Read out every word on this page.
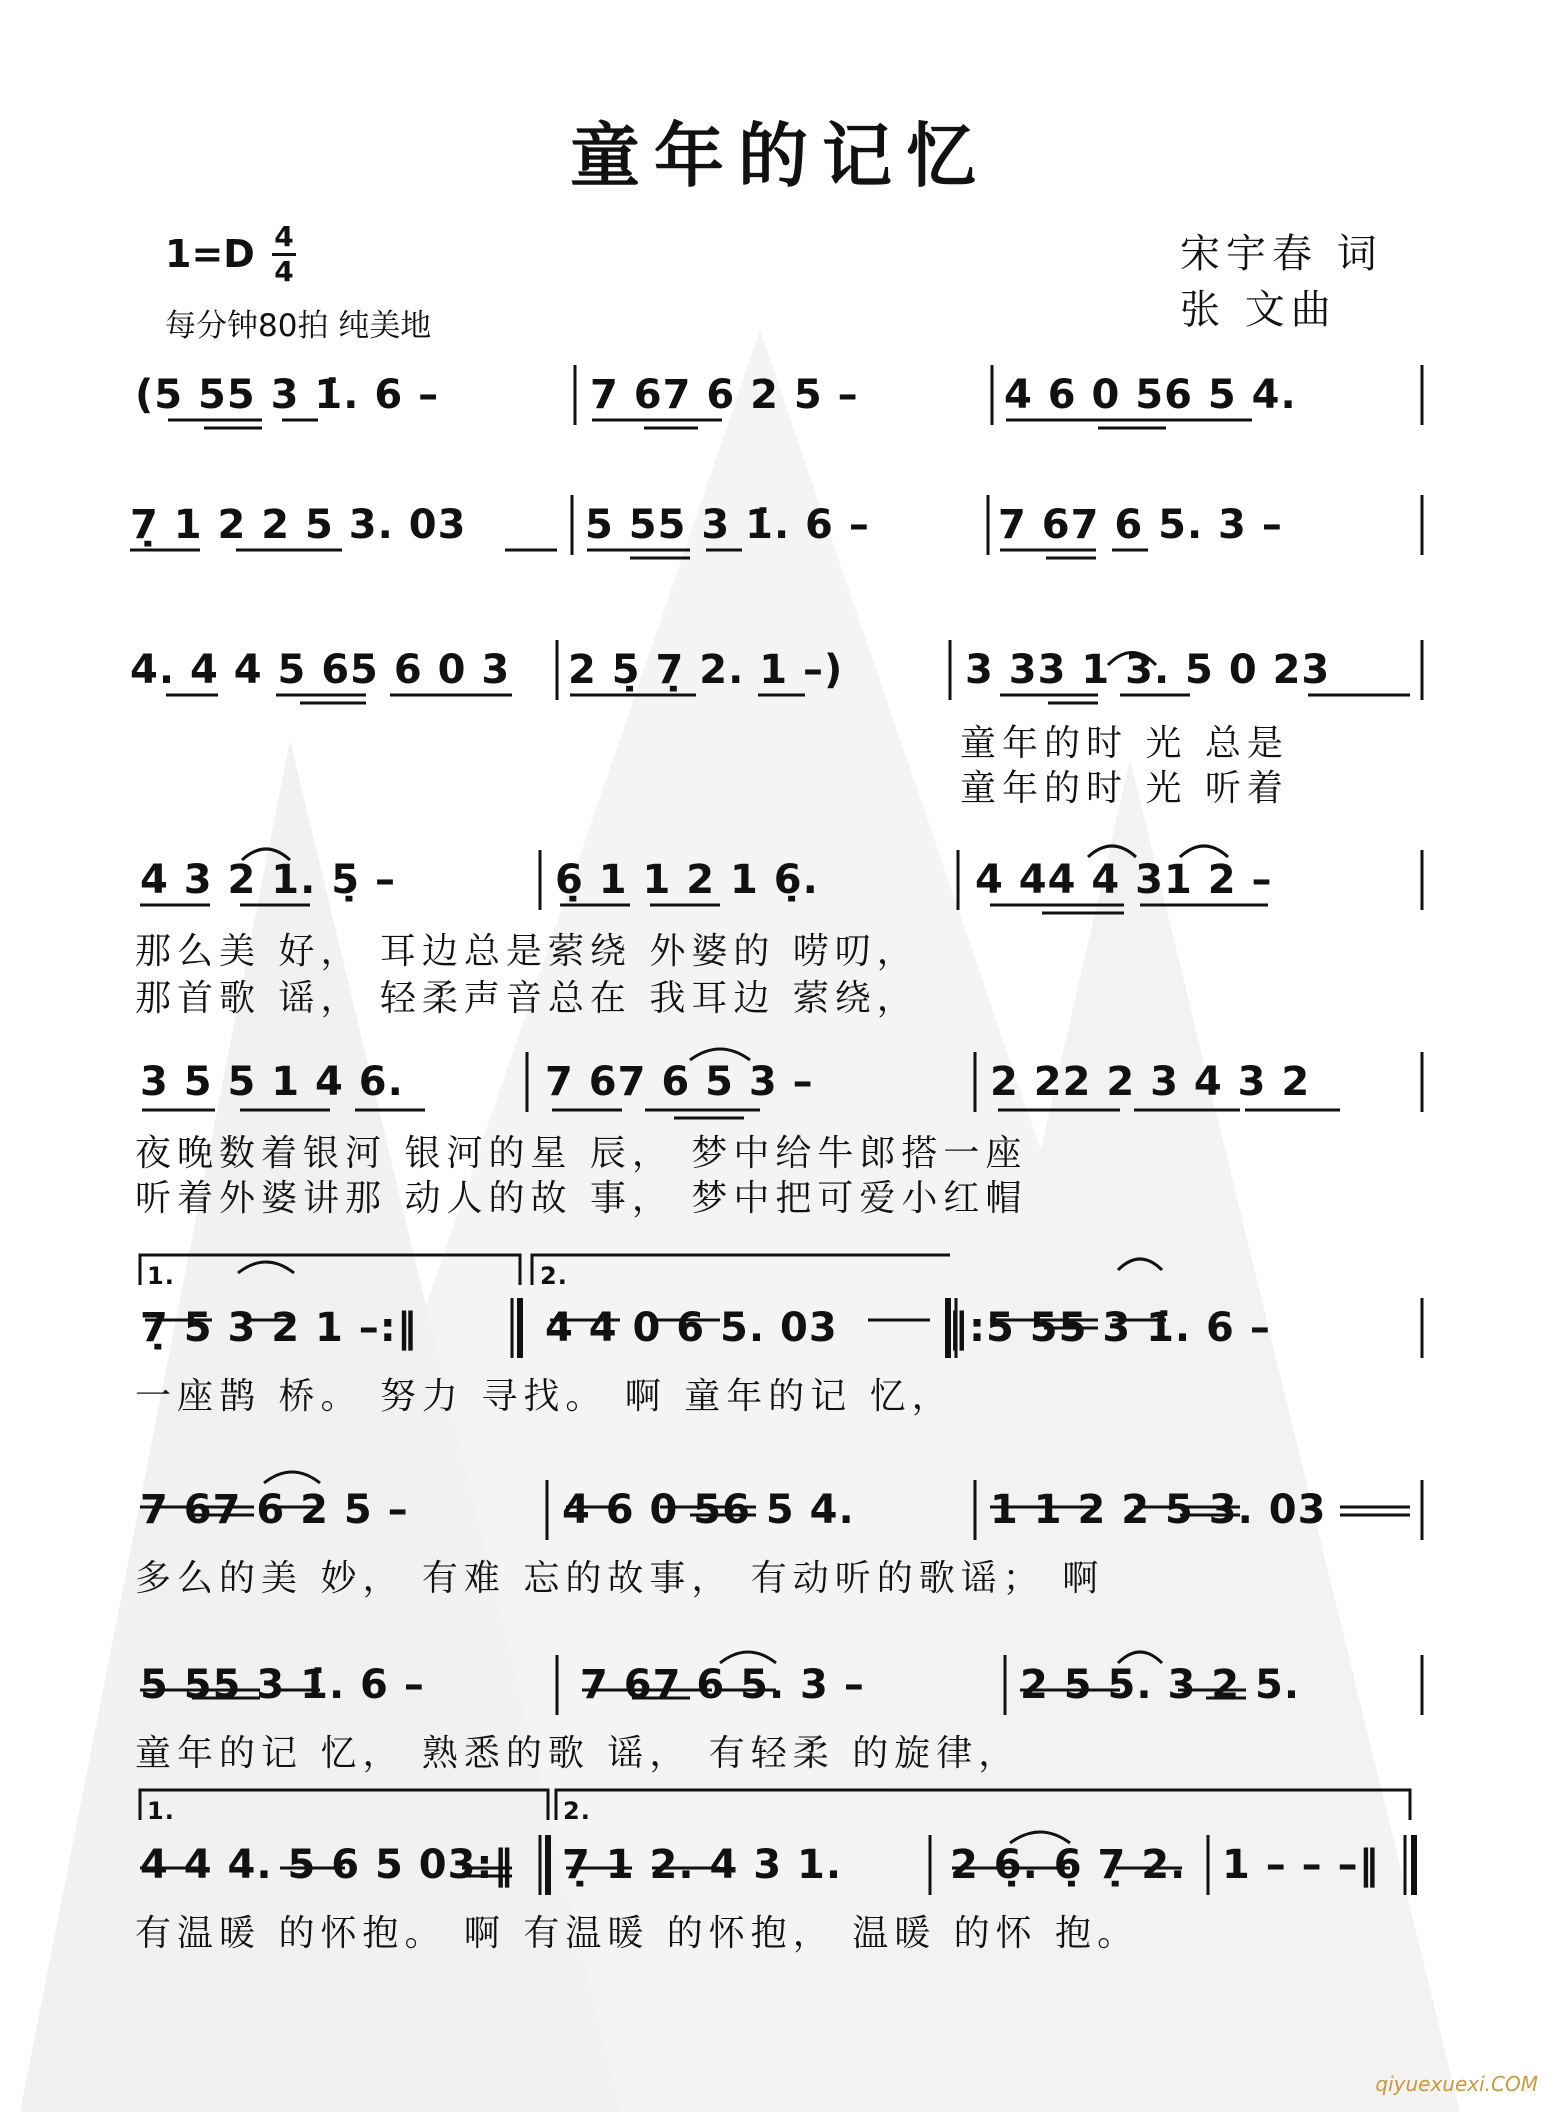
童年的记忆
1=D 4
4
每分钟80拍 纯美地
宋宇春 词
张 文曲
(5 55 3 1̇. 6 –	7 67 6 2 5 –	4 6 0 56 5 4.
7̣ 1 2 2 5 3. 03	5 55 3 1̇. 6 –	7 67 6 5. 3 –
4. 4 4 5 65 6 0 3 2 5̣ 7̣ 2. 1 –)	3 33 1 3. 5 0 23
童年的时 光 总是
童年的时 光 听着
4 3 2 1. 5̣ –	6̣ 1 1 2 1 6̣.	4 44 4 31 2 –
那么美 好， 耳边总是萦绕 外婆的 唠叨，
那首歌 谣， 轻柔声音总在 我耳边 萦绕，
3 5 5 1 4 6.	7 67 6 5 3 –	2 22 2 3 4 3 2
夜晚数着银河 银河的星 辰， 梦中给牛郎搭一座
听着外婆讲那 动人的故 事， 梦中把可爱小红帽
1.	2.
7̣ 5 3 2 1 –:‖	4 4 0 6 5. 03	‖:5 55 3 1̇. 6 –
一座鹊 桥。 努力 寻找。 啊 童年的记 忆，
7 67 6 2 5 –	4 6 0 56 5 4.	1 1 2 2 5 3. 03
多么的美 妙， 有难 忘的故事， 有动听的歌谣； 啊
5 55 3 1̇. 6 –	7 67 6 5. 3 –	2 5 5. 3 2 5.
童年的记 忆， 熟悉的歌 谣， 有轻柔 的旋律，
1.	2.
4 4 4. 5 6 5 03:‖ 7̣ 1 2. 4 3 1.	2 6̣. 6̣ 7̣ 2. 1 – – –‖
有温暖 的怀抱。 啊 有温暖 的怀抱， 温暖 的怀 抱。
qiyuexuexi.COM
